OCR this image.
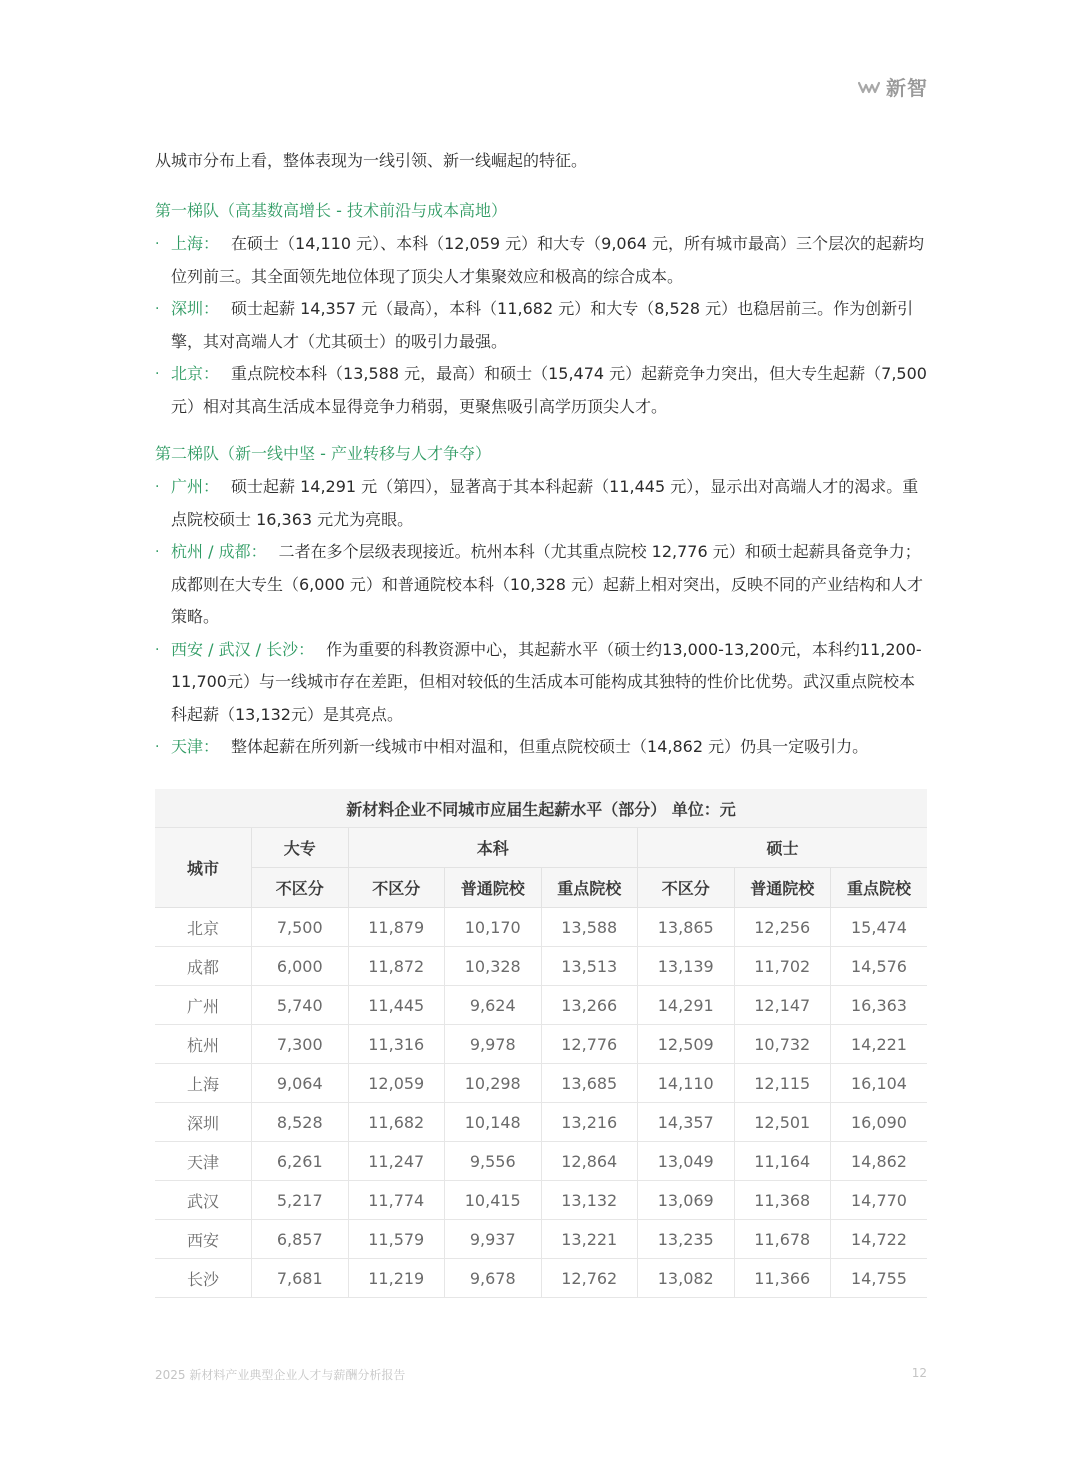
新智

从城市分布上看，整体表现为一线引领、新一线崛起的特征。

第一梯队（高基数高增长 - 技术前沿与成本高地）
· 上海： 在硕士（14,110 元）、本科（12,059 元）和大专（9,064 元，所有城市最高）三个层次的起薪均位列前三。其全面领先地位体现了顶尖人才集聚效应和极高的综合成本。
· 深圳： 硕士起薪 14,357 元（最高），本科（11,682 元）和大专（8,528 元）也稳居前三。作为创新引擎，其对高端人才（尤其硕士）的吸引力最强。
· 北京： 重点院校本科（13,588 元，最高）和硕士（15,474 元）起薪竞争力突出，但大专生起薪（7,500 元）相对其高生活成本显得竞争力稍弱，更聚焦吸引高学历顶尖人才。
第二梯队（新一线中坚 - 产业转移与人才争夺）
· 广州： 硕士起薪 14,291 元（第四），显著高于其本科起薪（11,445 元），显示出对高端人才的渴求。重点院校硕士 16,363 元尤为亮眼。
· 杭州 / 成都： 二者在多个层级表现接近。杭州本科（尤其重点院校 12,776 元）和硕士起薪具备竞争力；成都则在大专生（6,000 元）和普通院校本科（10,328 元）起薪上相对突出，反映不同的产业结构和人才策略。
· 西安 / 武汉 / 长沙： 作为重要的科教资源中心，其起薪水平（硕士约13,000-13,200元，本科约11,200-11,700元）与一线城市存在差距，但相对较低的生活成本可能构成其独特的性价比优势。武汉重点院校本科起薪（13,132元）是其亮点。
· 天津： 整体起薪在所列新一线城市中相对温和，但重点院校硕士（14,862 元）仍具一定吸引力。
新材料企业不同城市应届生起薪水平（部分） 单位：元							
城市	大专	本科			硕士		
	不区分	不区分	普通院校	重点院校	不区分	普通院校	重点院校
北京	7,500	11,879	10,170	13,588	13,865	12,256	15,474
成都	6,000	11,872	10,328	13,513	13,139	11,702	14,576
广州	5,740	11,445	9,624	13,266	14,291	12,147	16,363
杭州	7,300	11,316	9,978	12,776	12,509	10,732	14,221
上海	9,064	12,059	10,298	13,685	14,110	12,115	16,104
深圳	8,528	11,682	10,148	13,216	14,357	12,501	16,090
天津	6,261	11,247	9,556	12,864	13,049	11,164	14,862
武汉	5,217	11,774	10,415	13,132	13,069	11,368	14,770
西安	6,857	11,579	9,937	13,221	13,235	11,678	14,722
长沙	7,681	11,219	9,678	12,762	13,082	11,366	14,755
2025 新材料产业典型企业人才与薪酬分析报告	12
